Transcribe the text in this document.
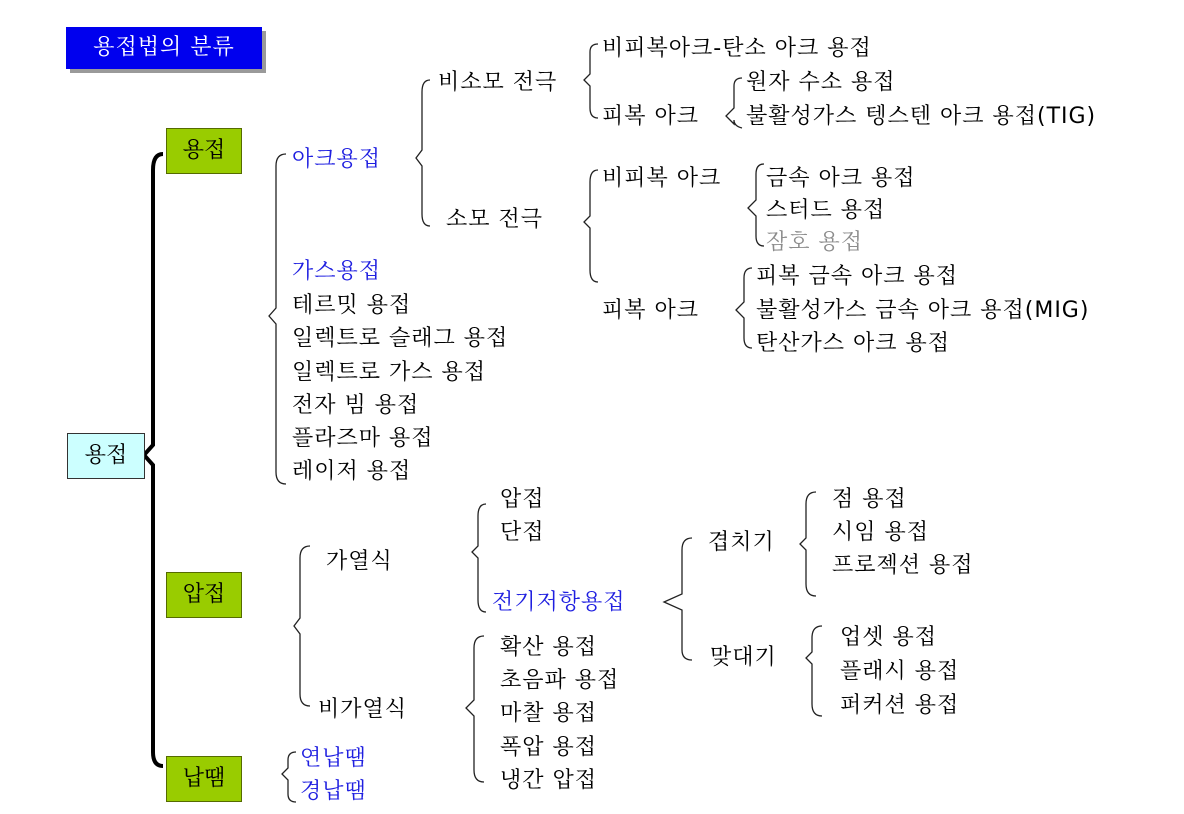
용접법의 분류
용접
용접
압접
납땜
아크용접
비소모 전극
소모 전극
비피복아크-탄소 아크 용접
피복 아크
원자 수소 용접
불활성가스 텡스텐 아크 용접(TIG)
비피복 아크
피복 아크
금속 아크 용접
스터드 용접
잠호 용접
피복 금속 아크 용접
불활성가스 금속 아크 용접(MIG)
탄산가스 아크 용접
가스용접
테르밋 용접
일렉트로 슬래그 용접
일렉트로 가스 용접
전자 빔 용접
플라즈마 용접
레이저 용접
가열식
비가열식
압접
단접
전기저항용접
겹치기
맞대기
점 용접
시임 용접
프로젝션 용접
업셋 용접
플래시 용접
퍼커션 용접
확산 용접
초음파 용접
마찰 용접
폭압 용접
냉간 압접
연납땜
경납땜
